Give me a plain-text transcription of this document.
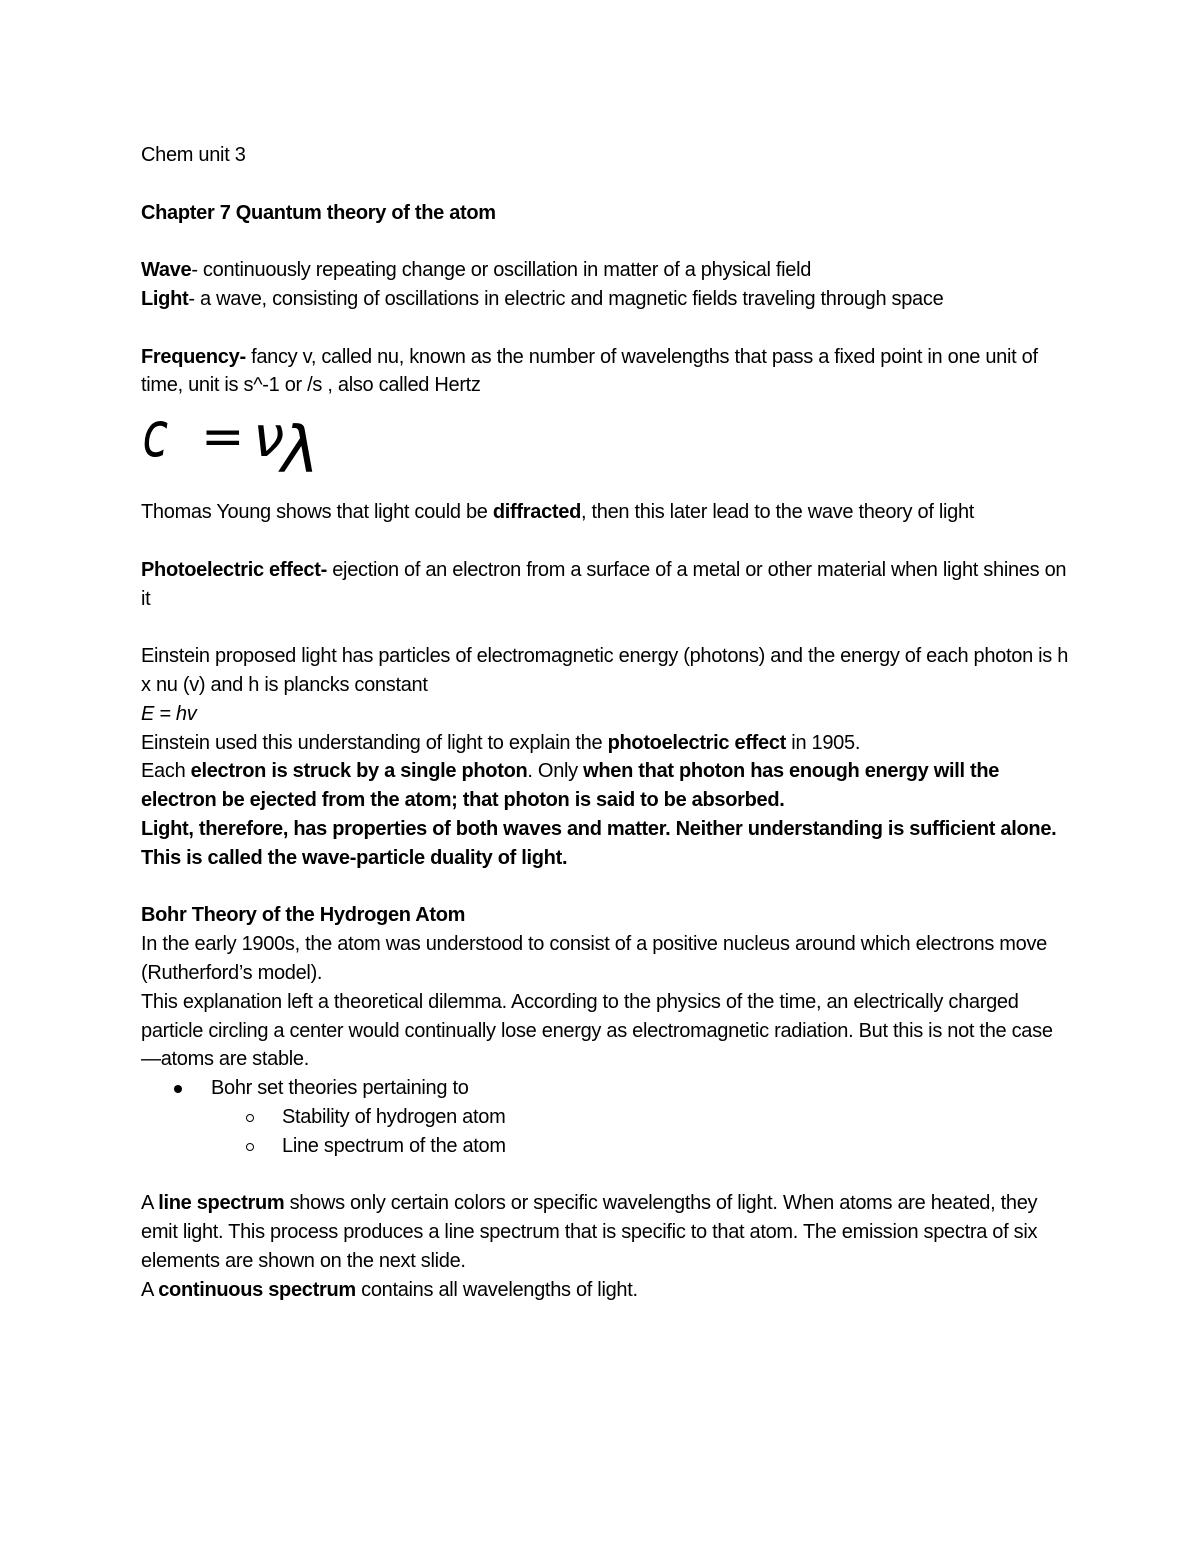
Chem unit 3

Chapter 7 Quantum theory of the atom

Wave- continuously repeating change or oscillation in matter of a physical field

Light- a wave, consisting of oscillations in electric and magnetic fields traveling through space

Frequency- fancy v, called nu, known as the number of wavelengths that pass a fixed point in one unit of time, unit is s^-1 or /s , also called Hertz

c = ν
λ

Thomas Young shows that light could be diffracted, then this later lead to the wave theory of light

Photoelectric effect- ejection of an electron from a surface of a metal or other material when light shines on it

Einstein proposed light has particles of electromagnetic energy (photons) and the energy of each photon is h x nu (v) and h is plancks constant

E = hv

Einstein used this understanding of light to explain the photoelectric effect in 1905.

Each electron is struck by a single photon. Only when that photon has enough energy will the electron be ejected from the atom; that photon is said to be absorbed.

Light, therefore, has properties of both waves and matter. Neither understanding is sufficient alone. This is called the wave-particle duality of light.

Bohr Theory of the Hydrogen Atom

In the early 1900s, the atom was understood to consist of a positive nucleus around which electrons move (Rutherford’s model).

This explanation left a theoretical dilemma. According to the physics of the time, an electrically charged particle circling a center would continually lose energy as electromagnetic radiation. But this is not the case—atoms are stable.

Bohr set theories pertaining to
Stability of hydrogen atom
Line spectrum of the atom

A line spectrum shows only certain colors or specific wavelengths of light. When atoms are heated, they emit light. This process produces a line spectrum that is specific to that atom. The emission spectra of six elements are shown on the next slide.

A continuous spectrum contains all wavelengths of light.
